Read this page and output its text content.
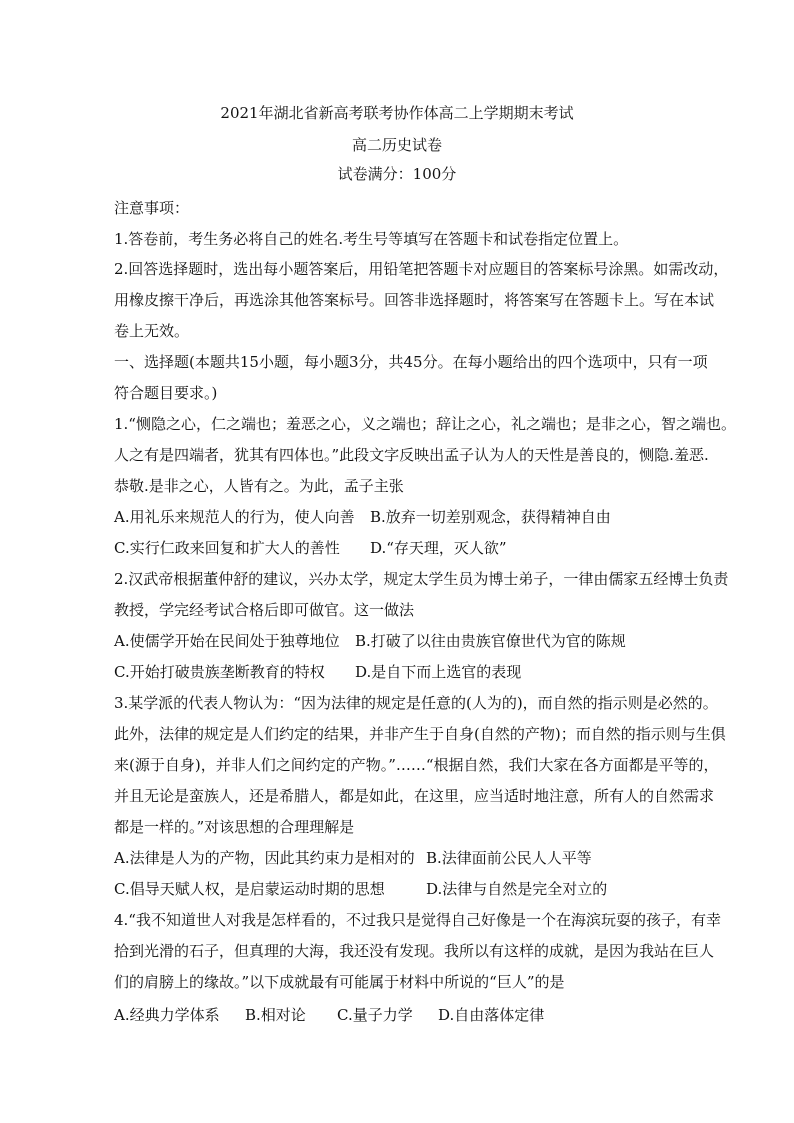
2021年湖北省新高考联考协作体高二上学期期末考试
高二历史试卷
试卷满分：100分
注意事项：
1.答卷前，考生务必将自己的姓名.考生号等填写在答题卡和试卷指定位置上。
2.回答选择题时，选出每小题答案后，用铅笔把答题卡对应题目的答案标号涂黑。如需改动，
用橡皮擦干净后，再选涂其他答案标号。回答非选择题时，将答案写在答题卡上。写在本试
卷上无效。
一、选择题(本题共15小题，每小题3分，共45分。在每小题给出的四个选项中，只有一项
符合题目要求。)
1.“恻隐之心，仁之端也；羞恶之心，义之端也；辞让之心，礼之端也；是非之心，智之端也。
人之有是四端者，犹其有四体也。”此段文字反映出孟子认为人的天性是善良的，恻隐.羞恶.
恭敬.是非之心，人皆有之。为此，孟子主张
A.用礼乐来规范人的行为，使人向善 B.放弃一切差别观念，获得精神自由
C.实行仁政来回复和扩大人的善性 D.“存天理，灭人欲”
2.汉武帝根据董仲舒的建议，兴办太学，规定太学生员为博士弟子，一律由儒家五经博士负责
教授，学完经考试合格后即可做官。这一做法
A.使儒学开始在民间处于独尊地位 B.打破了以往由贵族官僚世代为官的陈规
C.开始打破贵族垄断教育的特权 D.是自下而上选官的表现
3.某学派的代表人物认为：“因为法律的规定是任意的(人为的)，而自然的指示则是必然的。
此外，法律的规定是人们约定的结果，并非产生于自身(自然的产物)；而自然的指示则与生俱
来(源于自身)，并非人们之间约定的产物。”……“根据自然，我们大家在各方面都是平等的，
并且无论是蛮族人，还是希腊人，都是如此，在这里，应当适时地注意，所有人的自然需求
都是一样的。”对该思想的合理理解是
A.法律是人为的产物，因此其约束力是相对的 B.法律面前公民人人平等
C.倡导天赋人权，是启蒙运动时期的思想	D.法律与自然是完全对立的
4.“我不知道世人对我是怎样看的，不过我只是觉得自己好像是一个在海滨玩耍的孩子，有幸
拾到光滑的石子，但真理的大海，我还没有发现。我所以有这样的成就，是因为我站在巨人
们的肩膀上的缘故。”以下成就最有可能属于材料中所说的“巨人”的是
A.经典力学体系 B.相对论 C.量子力学 D.自由落体定律
